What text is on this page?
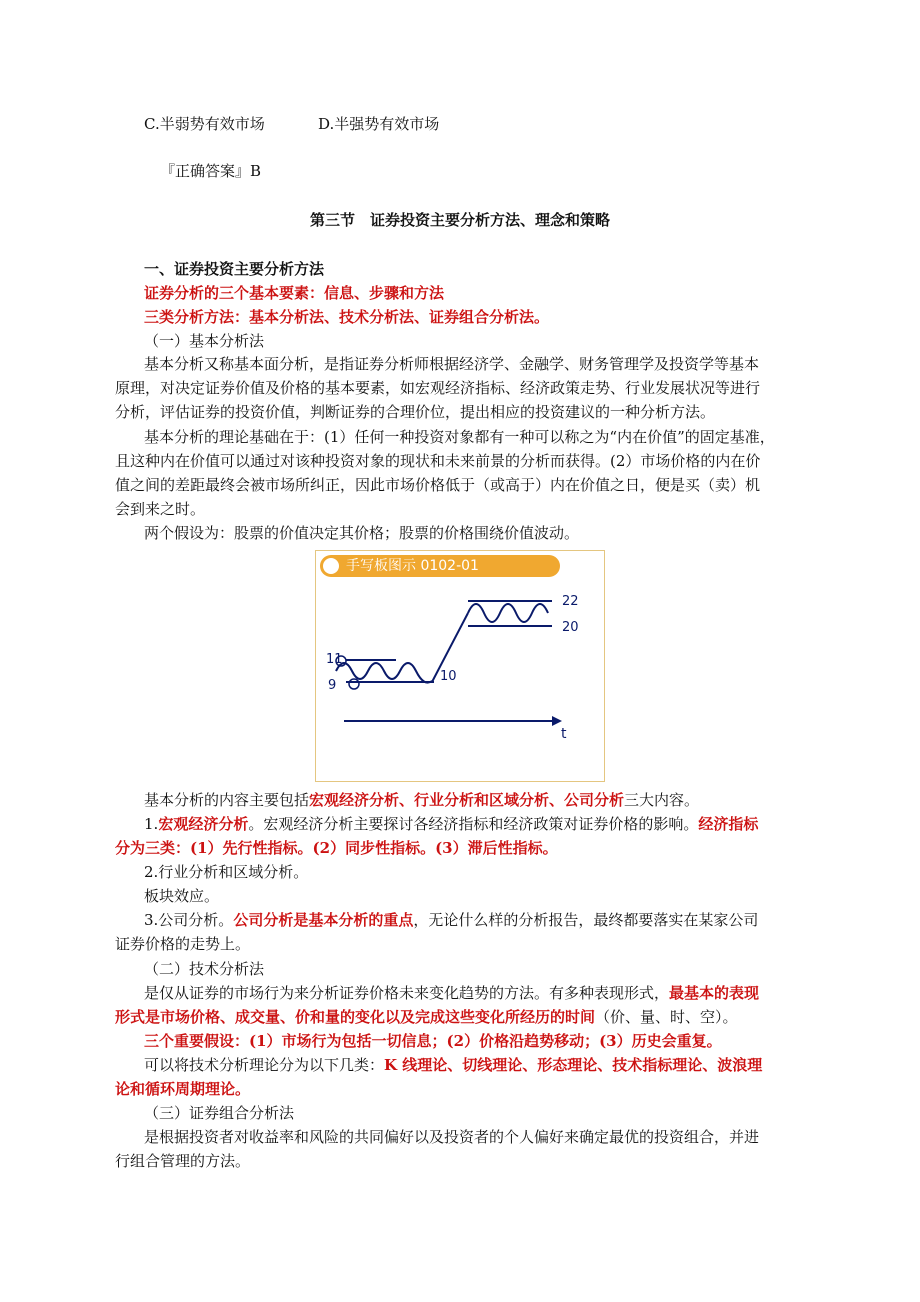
C.半弱势有效市场	D.半强势有效市场
『正确答案』B
第三节　证券投资主要分析方法、理念和策略
一、证券投资主要分析方法
证券分析的三个基本要素：信息、步骤和方法
三类分析方法：基本分析法、技术分析法、证券组合分析法。
（一）基本分析法
基本分析又称基本面分析，是指证券分析师根据经济学、金融学、财务管理学及投资学等基本
原理，对决定证券价值及价格的基本要素，如宏观经济指标、经济政策走势、行业发展状况等进行
分析，评估证券的投资价值，判断证券的合理价位，提出相应的投资建议的一种分析方法。
基本分析的理论基础在于：(1）任何一种投资对象都有一种可以称之为“内在价值”的固定基准，
且这种内在价值可以通过对该种投资对象的现状和未来前景的分析而获得。(2）市场价格的内在价
值之间的差距最终会被市场所纠正，因此市场价格低于（或高于）内在价值之日，便是买（卖）机
会到来之时。
两个假设为：股票的价值决定其价格；股票的价格围绕价值波动。
手写板图示 0102-01
11
9
10
22
20
t
基本分析的内容主要包括宏观经济分析、行业分析和区域分析、公司分析三大内容。
1.宏观经济分析。宏观经济分析主要探讨各经济指标和经济政策对证券价格的影响。经济指标
分为三类：(1）先行性指标。(2）同步性指标。(3）滞后性指标。
2.行业分析和区域分析。
板块效应。
3.公司分析。公司分析是基本分析的重点，无论什么样的分析报告，最终都要落实在某家公司
证券价格的走势上。
（二）技术分析法
是仅从证券的市场行为来分析证券价格未来变化趋势的方法。有多种表现形式，最基本的表现
形式是市场价格、成交量、价和量的变化以及完成这些变化所经历的时间（价、量、时、空）。
三个重要假设：(1）市场行为包括一切信息；(2）价格沿趋势移动；(3）历史会重复。
可以将技术分析理论分为以下几类：K 线理论、切线理论、形态理论、技术指标理论、波浪理
论和循环周期理论。
（三）证券组合分析法
是根据投资者对收益率和风险的共同偏好以及投资者的个人偏好来确定最优的投资组合，并进
行组合管理的方法。
